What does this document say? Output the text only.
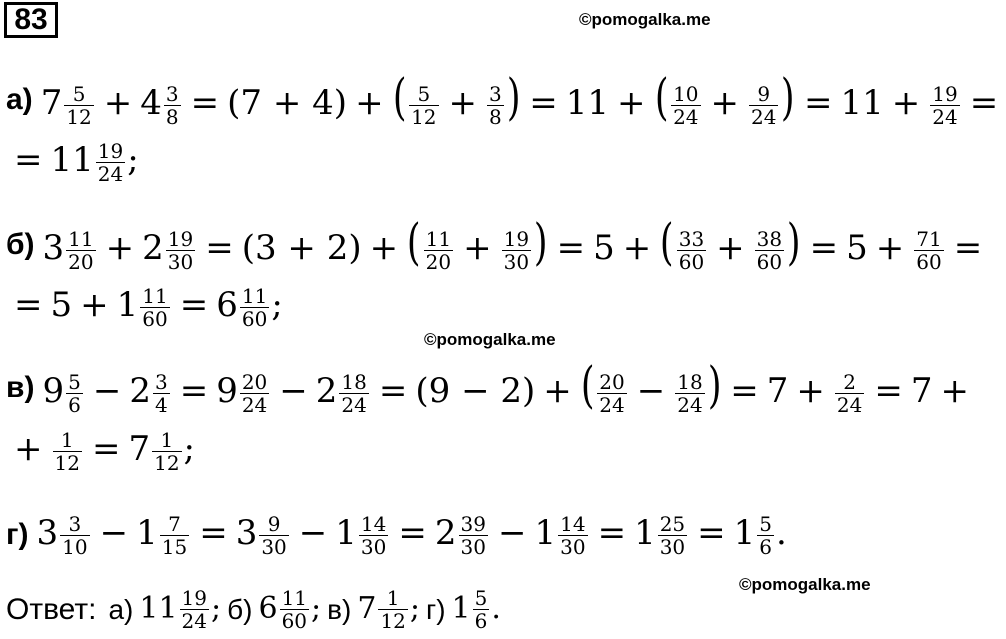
83	©pomogalka.me
©pomogalka.me
©pomogalka.me
а) $7 \frac{5}{12} + 4 \frac{3}{8} = (7 + 4)$ + ( $\frac{5}{12} + \frac{3}{8}$ ) = 11 + ( $\frac{10}{24} + \frac{9}{24}$ ) = $11 + \frac{19}{24}$ =
= $11 \frac{19}{24}$ ;
б) $3 \frac{11}{20} + 2 \frac{19}{30} = (3 + 2)$ + ( $\frac{11}{20} + \frac{19}{30}$ ) = 5 + ( $\frac{33}{60} + \frac{38}{60}$ ) = $5 + \frac{71}{60}$ =
= $5 + 1 \frac{11}{60} = 6 \frac{11}{60}$ ;
в) $9 \frac{5}{6} - 2 \frac{3}{4} = 9 \frac{20}{24} - 2 \frac{18}{24} = (9 - 2)$ + ( $\frac{20}{24} - \frac{18}{24}$ ) = $7 + \frac{2}{24} = 7$ +
+ $\frac{1}{12} = 7 \frac{1}{12}$ ;
г) $3 \frac{3}{10} - 1 \frac{7}{15} = 3 \frac{9}{30} - 1 \frac{14}{30} = 2 \frac{39}{30} - 1 \frac{14}{30} = 1 \frac{25}{30} = 1 \frac{5}{6}$ .
Ответ: а) $11 \frac{19}{24}$ ; б) $6 \frac{11}{60}$ ; в) $7 \frac{1}{12}$ ; г) $1 \frac{5}{6}$ .
